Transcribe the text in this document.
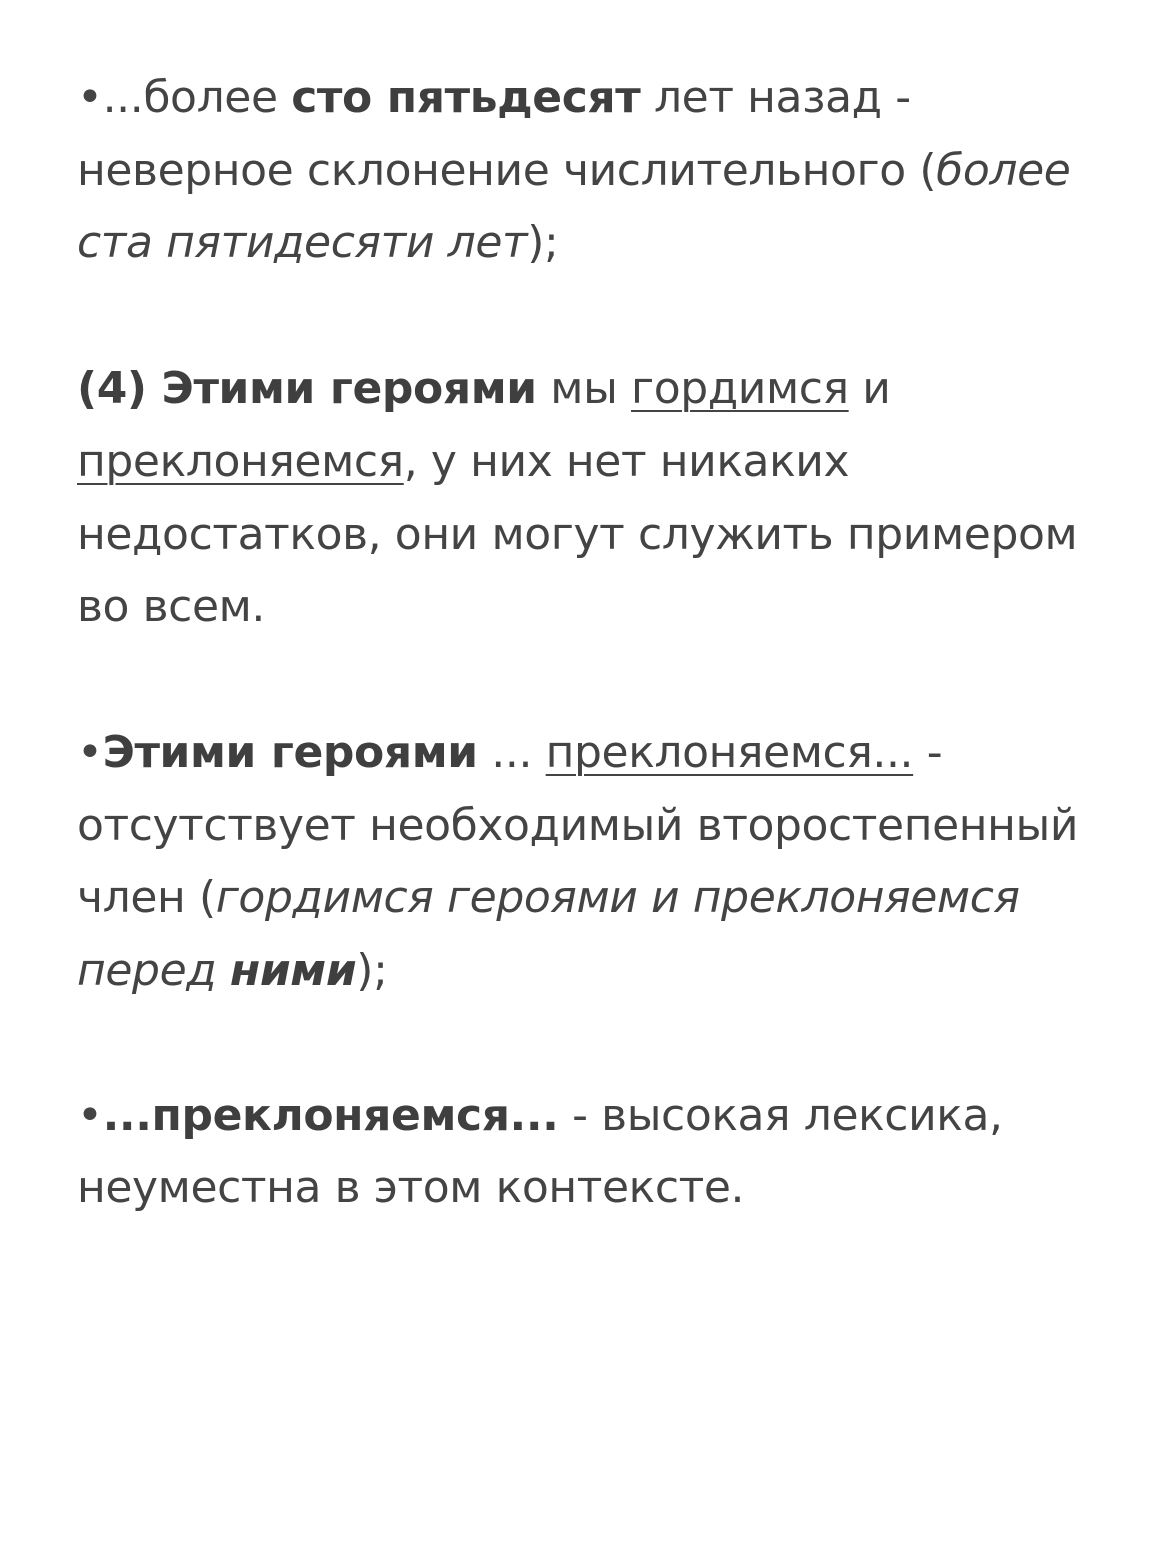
•...более сто пятьдесят лет назад - неверное склонение числительного (более ста пятидесяти лет);

(4) Этими героями мы гордимся и преклоняемся, у них нет никаких недостатков, они могут служить примером во всем.

•Этими героями ... преклоняемся... - отсутствует необходимый второстепенный член (гордимся героями и преклоняемся перед ними);

•...преклоняемся... - высокая лексика, неуместна в этом контексте.
